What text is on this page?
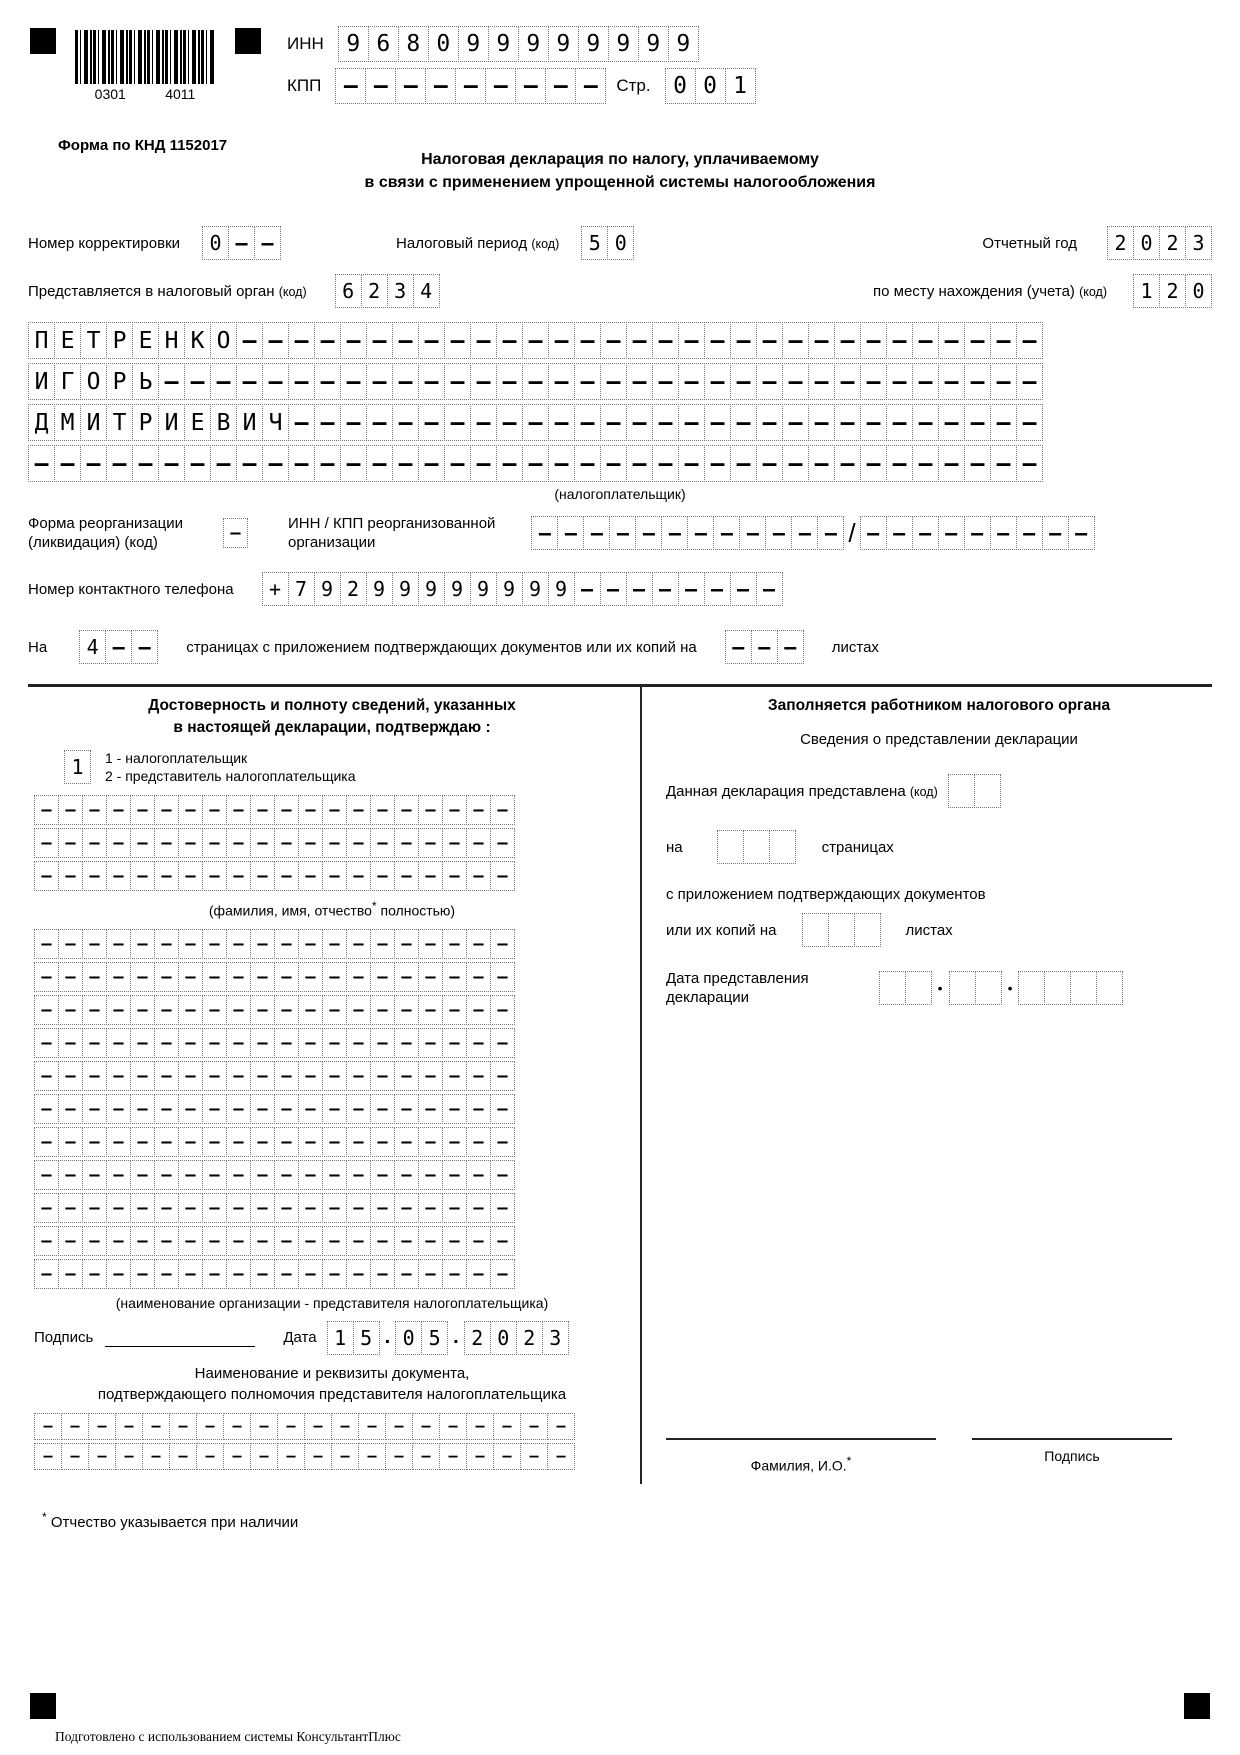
0301	4011
ИНН 9 6 8 0 9 9 9 9 9 9 9 9
КПП – – – – – – – – –	Стр. 0 0 1
Форма по КНД 1152017
Налоговая декларация по налогу, уплачиваемому
в связи с применением упрощенной системы налогообложения
Номер корректировки	0 – –	Налоговый период (код)	5 0	Отчетный год	2 0 2 3
Представляется в налоговый орган (код)	6 2 3 4	по месту нахождения (учета) (код)	1 2 0
П Е Т Р Е Н К О – – – – – – – – – – – – – – – – – – – – – – – – – – – – – – –
И Г О Р Ь – – – – – – – – – – – – – – – – – – – – – – – – – – – – – – – – – –
Д М И Т Р И Е В И Ч – – – – – – – – – – – – – – – – – – – – – – – – – – – – –
– – – – – – – – – – – – – – – – – – – – – – – – – – – – – – – – – – – – – – –
(налогоплательщик)
Форма реорганизации
(ликвидация) (код)	–	ИНН / КПП реорганизованной
организации	– – – – – – – – – – – – / – – – – – – – – –
Номер контактного телефона	+ 7 9 2 9 9 9 9 9 9 9 9 – – – – – – – –
На	4 – –	страницах с приложением подтверждающих документов или их копий на	– – –	листах
Достоверность и полноту сведений, указанных
в настоящей декларации, подтверждаю :
1	1 - налогоплательщик
2 - представитель налогоплательщика
– – – – – – – – – – – – – – – – – – – –
– – – – – – – – – – – – – – – – – – – –
– – – – – – – – – – – – – – – – – – – –
(фамилия, имя, отчество* полностью)
– – – – – – – – – – – – – – – – – – – –
– – – – – – – – – – – – – – – – – – – –
– – – – – – – – – – – – – – – – – – – –
– – – – – – – – – – – – – – – – – – – –
– – – – – – – – – – – – – – – – – – – –
– – – – – – – – – – – – – – – – – – – –
– – – – – – – – – – – – – – – – – – – –
– – – – – – – – – – – – – – – – – – – –
– – – – – – – – – – – – – – – – – – – –
– – – – – – – – – – – – – – – – – – – –
– – – – – – – – – – – – – – – – – – – –
(наименование организации - представителя налогоплательщика)
Подпись	Дата 1 5 . 0 5 . 2 0 2 3
Наименование и реквизиты документа,
подтверждающего полномочия представителя налогоплательщика
–	–	–	–	–	–	–	–	–	–	–	–	–	–	–	–	–	–	–	–
–	–	–	–	–	–	–	–	–	–	–	–	–	–	–	–	–	–	–	–
Заполняется работником налогового органа
Сведения о представлении декларации
Данная декларация представлена (код)
на	страницах
с приложением подтверждающих документов
или их копий на	листах
Дата представления
декларации
•	•
Фамилия, И.О.*	Подпись
* Отчество указывается при наличии
Подготовлено с использованием системы КонсультантПлюс
